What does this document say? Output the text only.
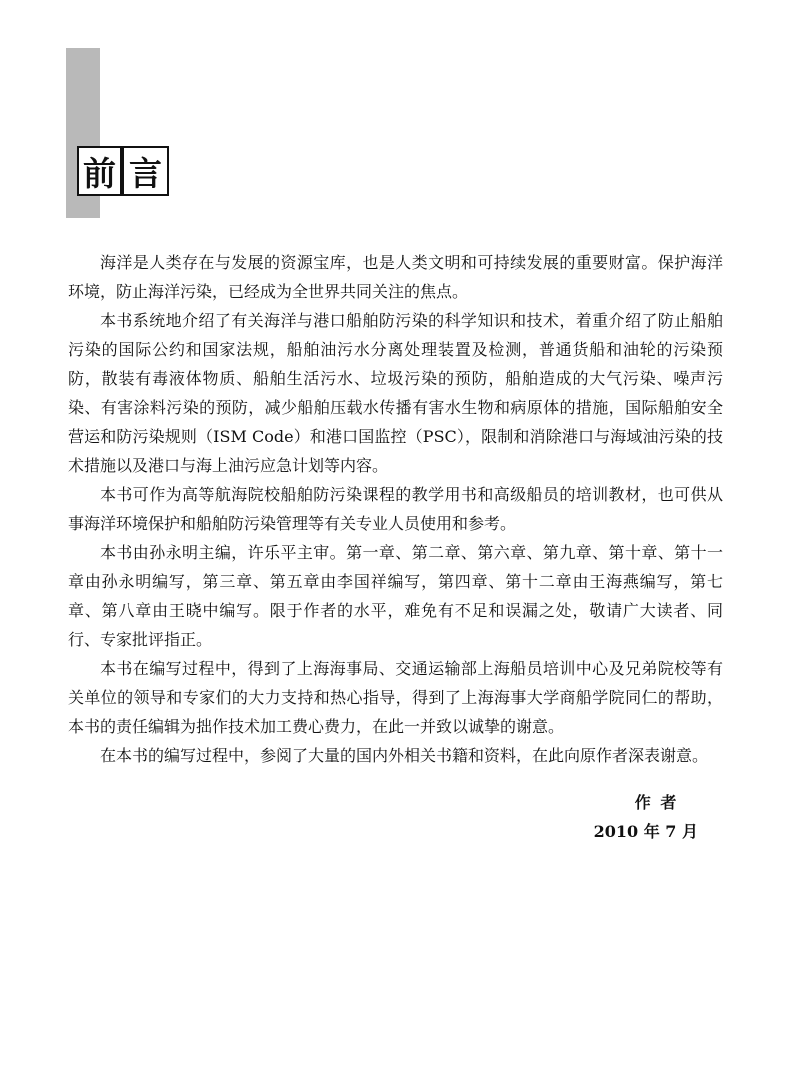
前 言

海洋是人类存在与发展的资源宝库，也是人类文明和可持续发展的重要财富。保护海洋环境，防止海洋污染，已经成为全世界共同关注的焦点。

本书系统地介绍了有关海洋与港口船舶防污染的科学知识和技术，着重介绍了防止船舶污染的国际公约和国家法规，船舶油污水分离处理装置及检测，普通货船和油轮的污染预防，散装有毒液体物质、船舶生活污水、垃圾污染的预防，船舶造成的大气污染、噪声污染、有害涂料污染的预防，减少船舶压载水传播有害水生物和病原体的措施，国际船舶安全营运和防污染规则（ISM Code）和港口国监控（PSC），限制和消除港口与海域油污染的技术措施以及港口与海上油污应急计划等内容。

本书可作为高等航海院校船舶防污染课程的教学用书和高级船员的培训教材，也可供从事海洋环境保护和船舶防污染管理等有关专业人员使用和参考。

本书由孙永明主编，许乐平主审。第一章、第二章、第六章、第九章、第十章、第十一章由孙永明编写，第三章、第五章由李国祥编写，第四章、第十二章由王海燕编写，第七章、第八章由王晓中编写。限于作者的水平，难免有不足和误漏之处，敬请广大读者、同行、专家批评指正。

本书在编写过程中，得到了上海海事局、交通运输部上海船员培训中心及兄弟院校等有关单位的领导和专家们的大力支持和热心指导，得到了上海海事大学商船学院同仁的帮助，本书的责任编辑为拙作技术加工费心费力，在此一并致以诚挚的谢意。

在本书的编写过程中，参阅了大量的国内外相关书籍和资料，在此向原作者深表谢意。

作者
2010 年 7 月
